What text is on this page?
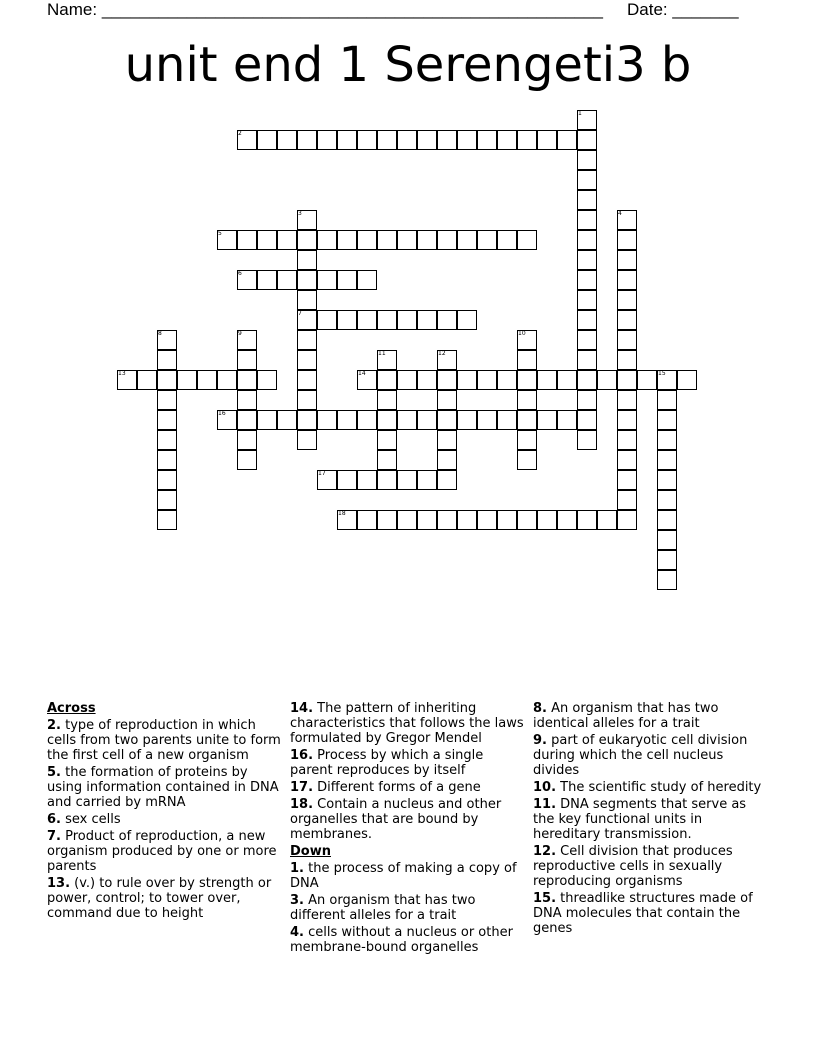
Name: _____________________________________________________ Date: _______
unit end 1 Serengeti3 b
1
2
3	4
5
6
7
8	9	10
11	12
13	14	15
16
17
18
Across
2. type of reproduction in which cells from two parents unite to form the first cell of a new organism
5. the formation of proteins by using information contained in DNA and carried by mRNA
6. sex cells
7. Product of reproduction, a new organism produced by one or more parents
13. (v.) to rule over by strength or power, control; to tower over, command due to height
14. The pattern of inheriting characteristics that follows the laws formulated by Gregor Mendel
16. Process by which a single parent reproduces by itself
17. Different forms of a gene
18. Contain a nucleus and other organelles that are bound by membranes.
Down
1. the process of making a copy of DNA
3. An organism that has two different alleles for a trait
4. cells without a nucleus or other membrane-bound organelles
8. An organism that has two identical alleles for a trait
9. part of eukaryotic cell division during which the cell nucleus divides
10. The scientific study of heredity
11. DNA segments that serve as the key functional units in hereditary transmission.
12. Cell division that produces reproductive cells in sexually reproducing organisms
15. threadlike structures made of DNA molecules that contain the genes
